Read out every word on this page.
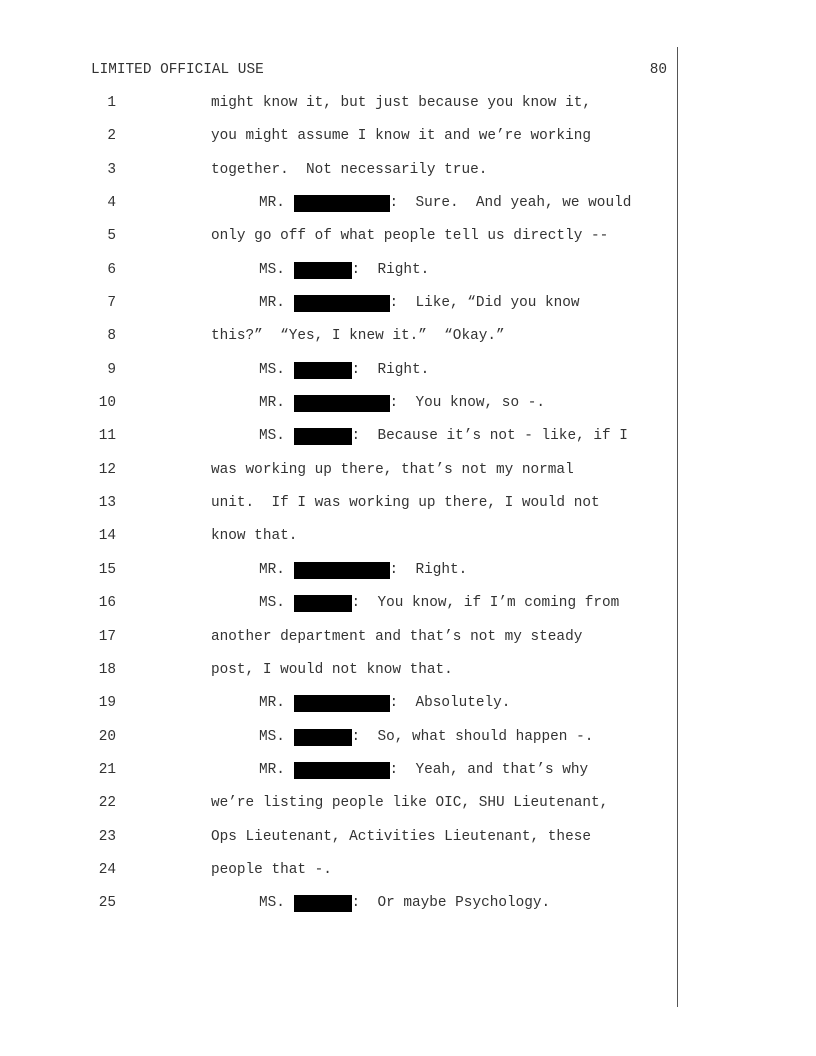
LIMITED OFFICIAL USE

	80

1	might know it, but just because you know it,
2	you might assume I know it and we’re working
3	together.  Not necessarily true.
4	MR.	:  Sure.  And yeah, we would
5	only go off of what people tell us directly --
6	MS.	:  Right.
7	MR.	:  Like, “Did you know
8	this?”  “Yes, I knew it.”  “Okay.”
9	MS.	:  Right.
10	MR.	:  You know, so -.
11	MS.	:  Because it’s not - like, if I
12	was working up there, that’s not my normal
13	unit.  If I was working up there, I would not
14	know that.
15	MR.	:  Right.
16	MS.	:  You know, if I’m coming from
17	another department and that’s not my steady
18	post, I would not know that.
19	MR.	:  Absolutely.
20	MS.	:  So, what should happen -.
21	MR.	:  Yeah, and that’s why
22	we’re listing people like OIC, SHU Lieutenant,
23	Ops Lieutenant, Activities Lieutenant, these
24	people that -.
25	MS.	:  Or maybe Psychology.
